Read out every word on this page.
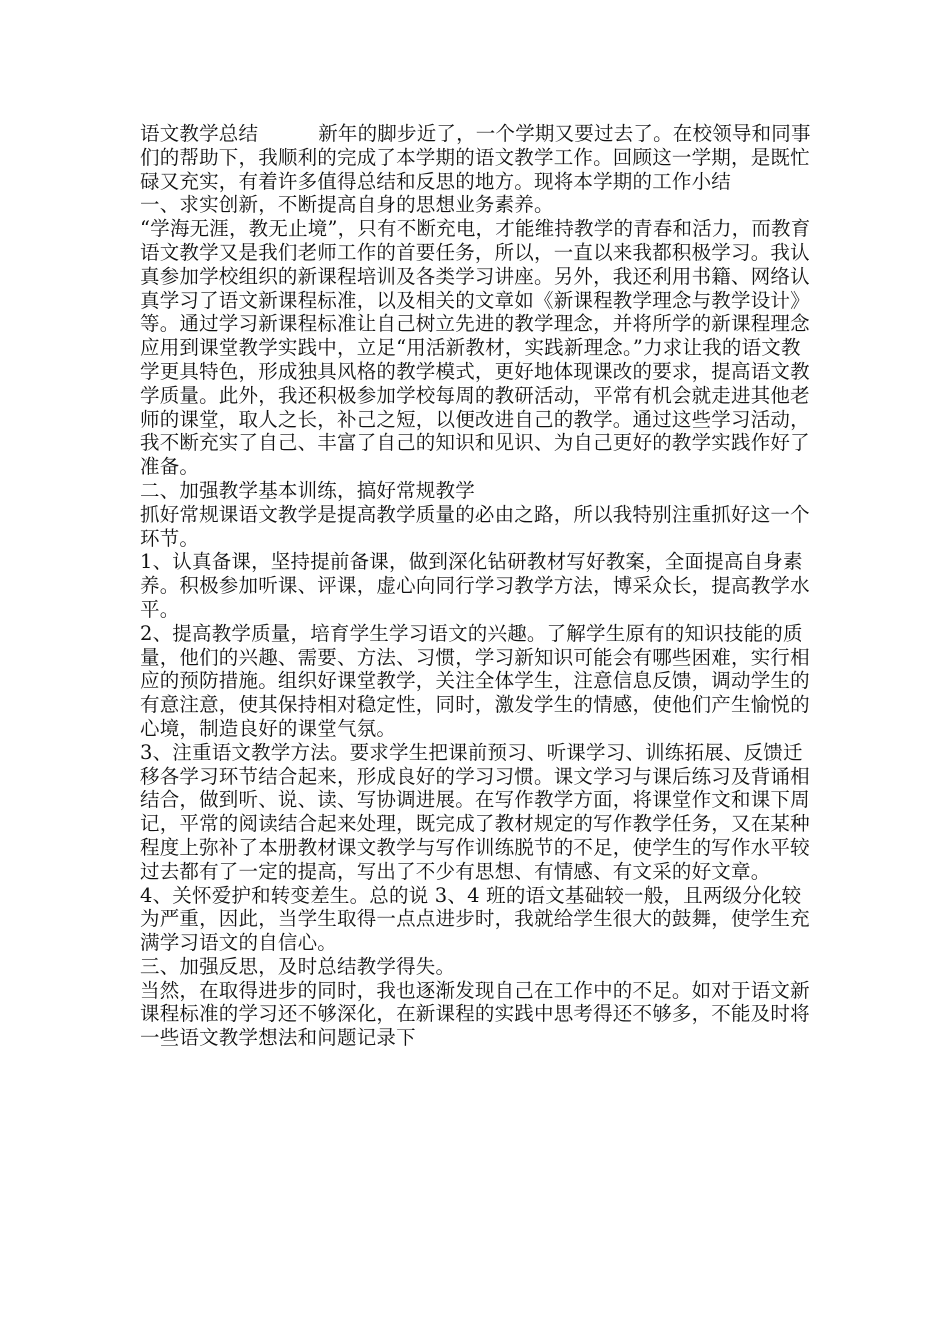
语文教学总结	新年的脚步近了，一个学期又要过去了。在校领导和同事们的帮助下，我顺利的完成了本学期的语文教学工作。回顾这一学期，是既忙碌又充实，有着许多值得总结和反思的地方。现将本学期的工作小结

一、求实创新，不断提高自身的思想业务素养。

“学海无涯，教无止境”，只有不断充电，才能维持教学的青春和活力，而教育语文教学又是我们老师工作的首要任务，所以，一直以来我都积极学习。我认真参加学校组织的新课程培训及各类学习讲座。另外，我还利用书籍、网络认真学习了语文新课程标准，以及相关的文章如《新课程教学理念与教学设计》等。通过学习新课程标准让自己树立先进的教学理念，并将所学的新课程理念应用到课堂教学实践中，立足“用活新教材，实践新理念。”力求让我的语文教学更具特色，形成独具风格的教学模式，更好地体现课改的要求，提高语文教学质量。此外，我还积极参加学校每周的教研活动，平常有机会就走进其他老师的课堂，取人之长，补己之短，以便改进自己的教学。通过这些学习活动，我不断充实了自己、丰富了自己的知识和见识、为自己更好的教学实践作好了准备。

二、加强教学基本训练，搞好常规教学

抓好常规课语文教学是提高教学质量的必由之路，所以我特别注重抓好这一个环节。

1、认真备课，坚持提前备课，做到深化钻研教材写好教案，全面提高自身素养。积极参加听课、评课，虚心向同行学习教学方法，博采众长，提高教学水平。

2、提高教学质量，培育学生学习语文的兴趣。了解学生原有的知识技能的质量，他们的兴趣、需要、方法、习惯，学习新知识可能会有哪些困难，实行相应的预防措施。组织好课堂教学，关注全体学生，注意信息反馈，调动学生的有意注意，使其保持相对稳定性，同时，激发学生的情感，使他们产生愉悦的心境，制造良好的课堂气氛。

3、注重语文教学方法。要求学生把课前预习、听课学习、训练拓展、反馈迁移各学习环节结合起来，形成良好的学习习惯。课文学习与课后练习及背诵相结合，做到听、说、读、写协调进展。在写作教学方面，将课堂作文和课下周记，平常的阅读结合起来处理，既完成了教材规定的写作教学任务，又在某种程度上弥补了本册教材课文教学与写作训练脱节的不足，使学生的写作水平较过去都有了一定的提高，写出了不少有思想、有情感、有文采的好文章。

4、关怀爱护和转变差生。总的说 3、4 班的语文基础较一般，且两级分化较为严重，因此，当学生取得一点点进步时，我就给学生很大的鼓舞，使学生充满学习语文的自信心。

三、加强反思，及时总结教学得失。

当然，在取得进步的同时，我也逐渐发现自己在工作中的不足。如对于语文新课程标准的学习还不够深化，在新课程的实践中思考得还不够多，不能及时将一些语文教学想法和问题记录下
